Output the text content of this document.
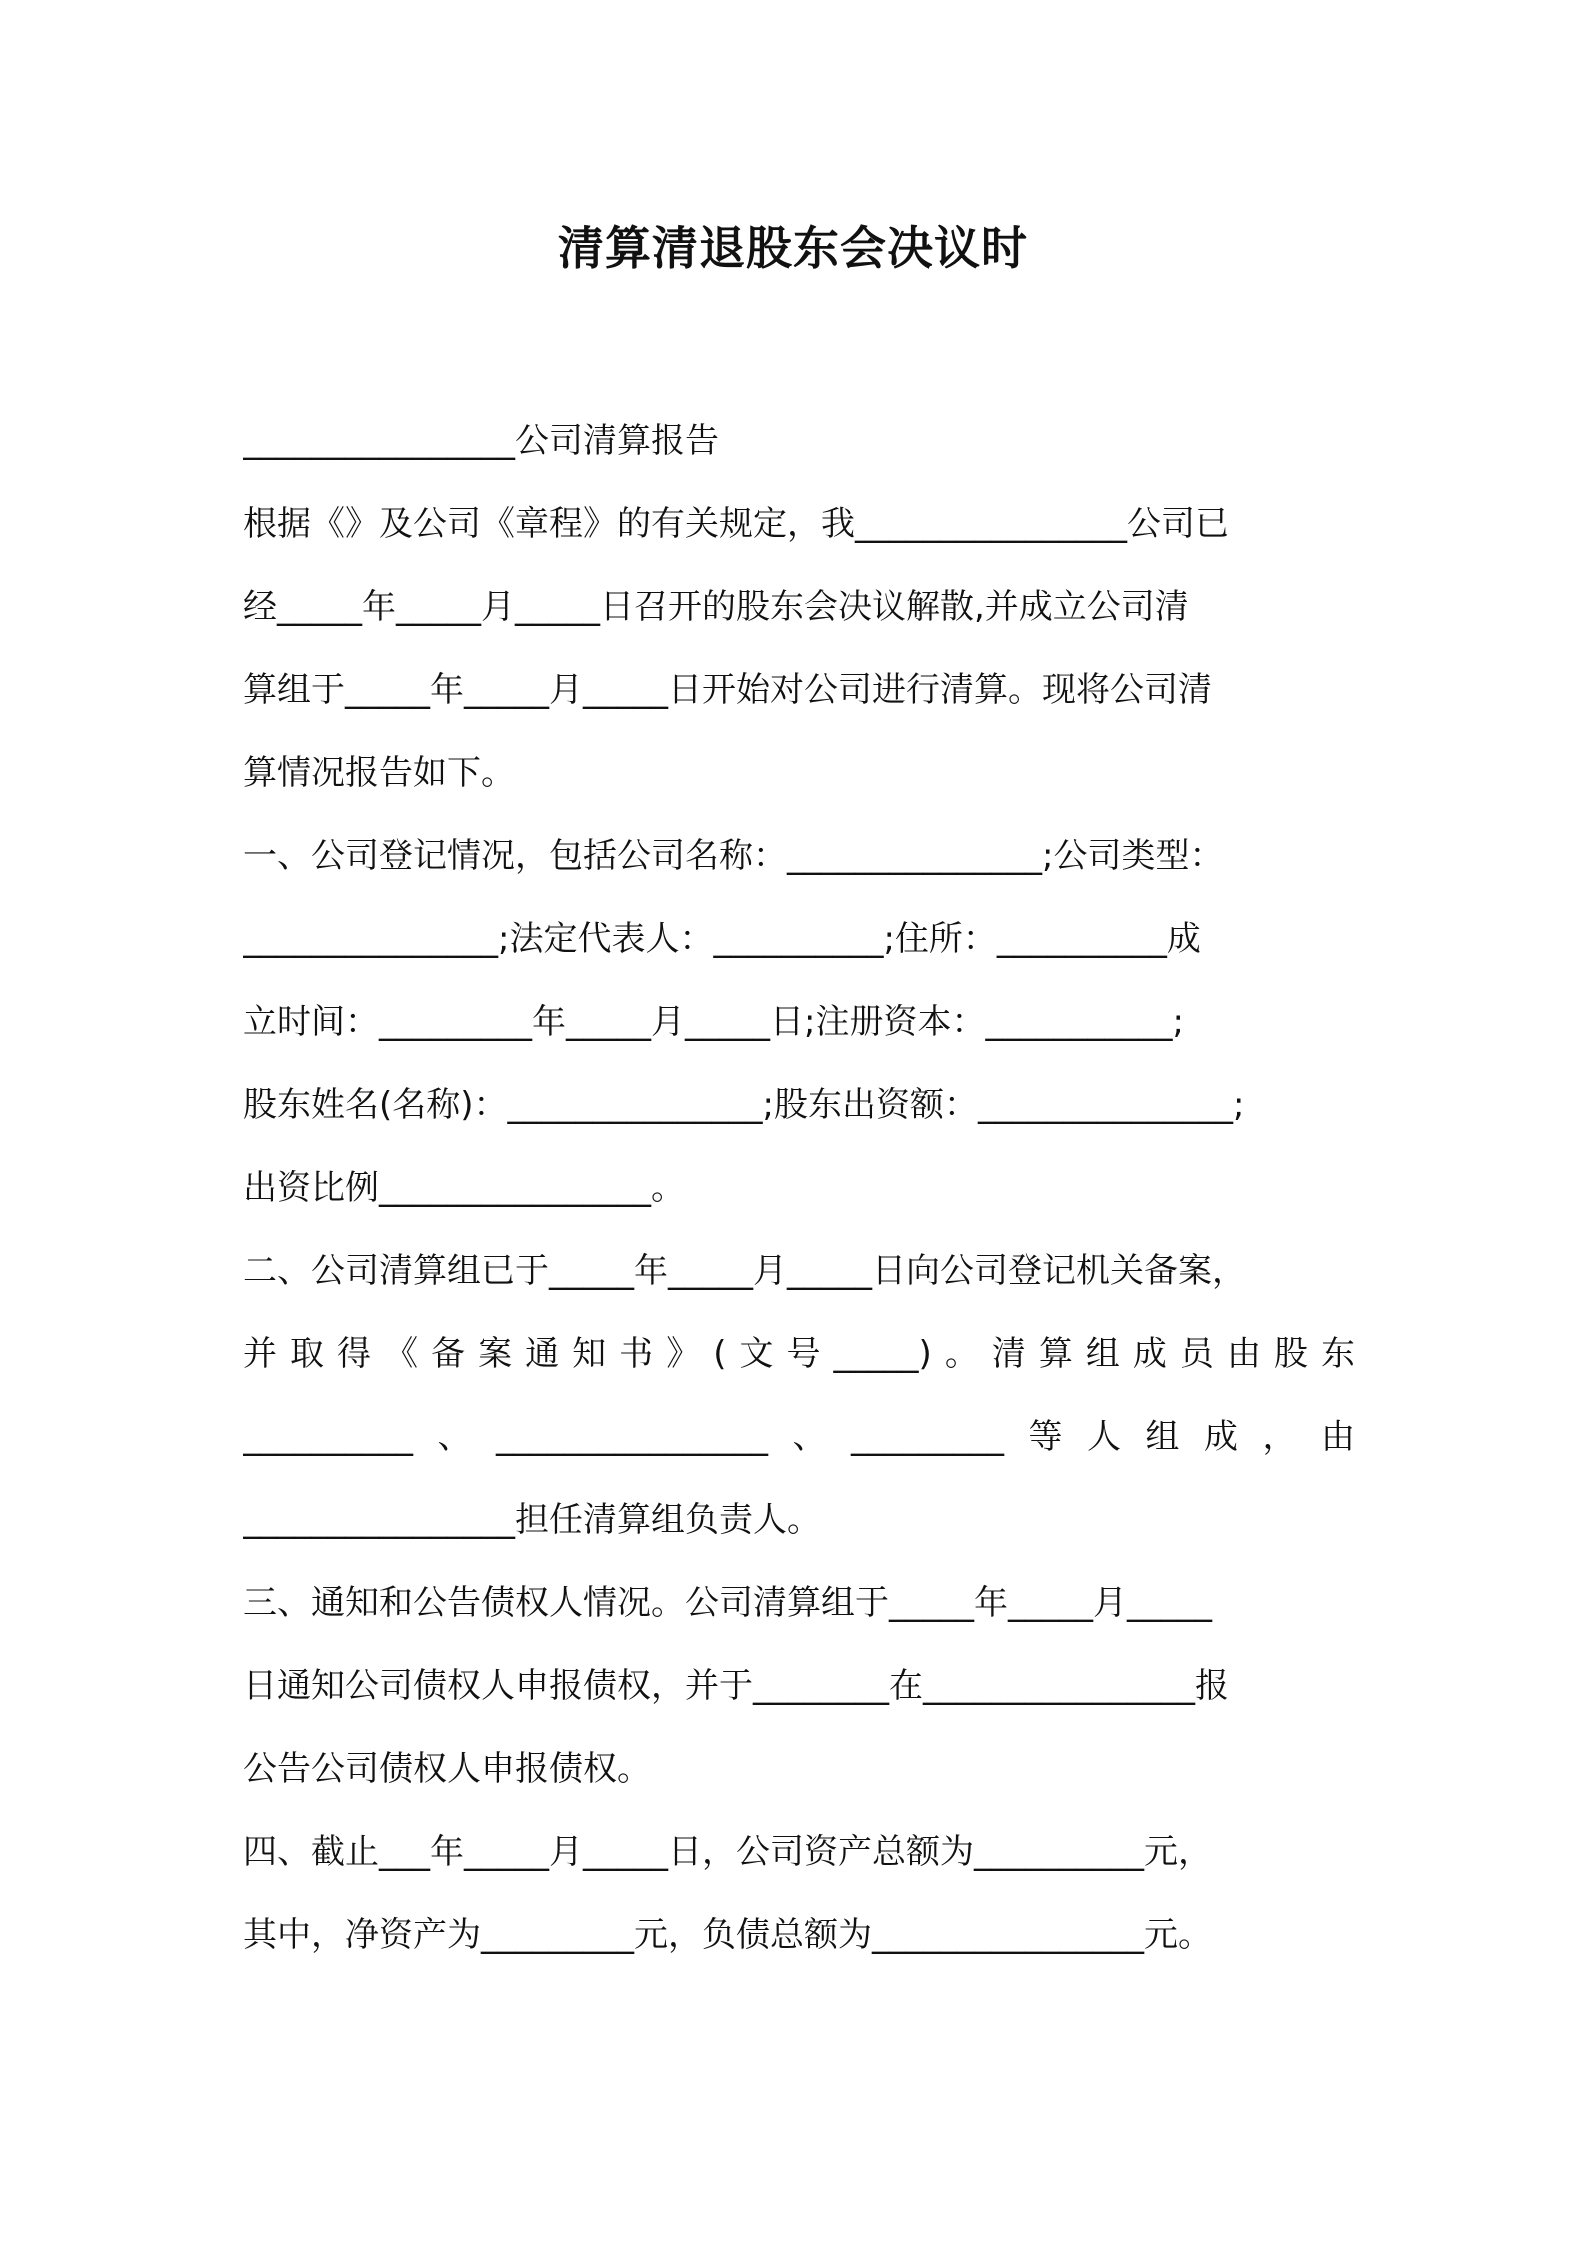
清算清退股东会决议时
________________公司清算报告
根据《》及公司《章程》的有关规定，我________________公司已
经_____年_____月_____日召开的股东会决议解散,并成立公司清
算组于_____年_____月_____日开始对公司进行清算。现将公司清
算情况报告如下。
一、公司登记情况，包括公司名称：_______________;公司类型：
_______________;法定代表人：__________;住所：__________成
立时间：_________年_____月_____日;注册资本：___________;
股东姓名(名称)：_______________;股东出资额：_______________;
出资比例________________。
二、公司清算组已于_____年_____月_____日向公司登记机关备案，
并取得《备案通知书》(文号_____)。清算组成员由股东
__________、________________、_________等人组成，由
________________担任清算组负责人。
三、通知和公告债权人情况。公司清算组于_____年_____月_____
日通知公司债权人申报债权，并于________在________________报
公告公司债权人申报债权。
四、截止___年_____月_____日，公司资产总额为__________元，
其中，净资产为_________元，负债总额为________________元。
